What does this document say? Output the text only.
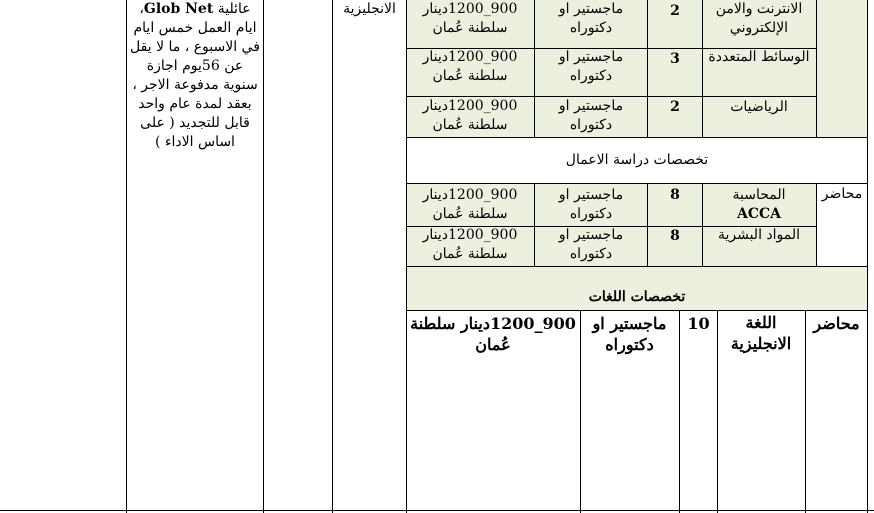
عائلية Glob Net،
ايام العمل خمس ايام
في الاسبوع ، ما لا يقل
عن 56يوم اجازة
سنوية مدفوعة الاجر ،
بعقد لمدة عام واحد
قابل للتجديد ( على
اساس الاداء )
الانجليزية	الانترنت والامن الإلكتروني
2
ماجستير او دكتوراه
900_1200دينار سلطنة عُمان
الوسائط المتعددة
3
ماجستير او دكتوراه
900_1200دينار سلطنة عُمان
الرياضيات
2
ماجستير او دكتوراه
900_1200دينار سلطنة عُمان
تخصصات دراسة الاعمال
محاضر
المحاسبة
ACCA
8
ماجستير او دكتوراه
900_1200دينار سلطنة عُمان
المواد البشرية
8
ماجستير او دكتوراه
900_1200دينار سلطنة عُمان
تخصصات اللغات
محاضر
اللغة الانجليزية
10
ماجستير او دكتوراه
900_1200دينار سلطنة عُمان
